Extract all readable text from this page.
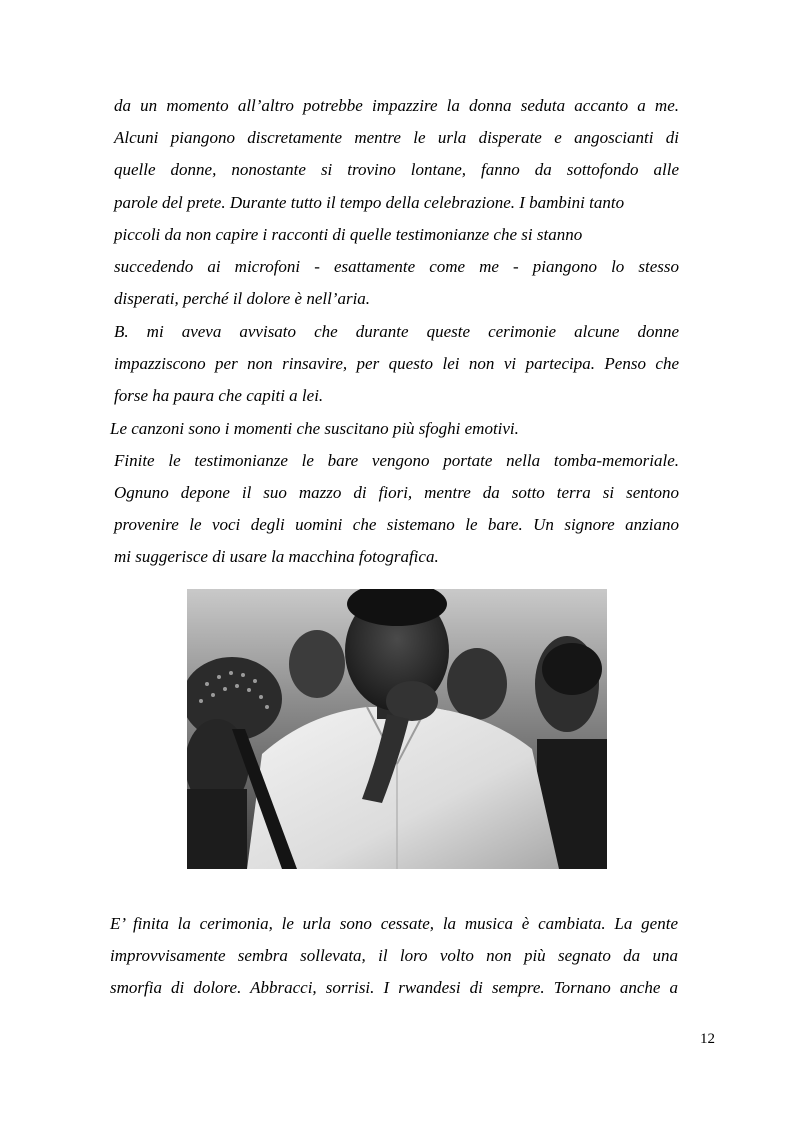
da un momento all’altro potrebbe impazzire la donna seduta accanto a me.
Alcuni piangono discretamente mentre le urla disperate e angoscianti di
quelle donne, nonostante si trovino lontane, fanno da sottofondo alle
parole del prete. Durante tutto il tempo della celebrazione. I bambini tanto
piccoli da non capire i racconti di quelle testimonianze che si stanno
succedendo ai microfoni - esattamente come me - piangono lo stesso
disperati, perché il dolore è nell’aria.
B. mi aveva avvisato che durante queste cerimonie alcune donne
impazziscono per non rinsavire, per questo lei non vi partecipa. Penso che
forse ha paura che capiti a lei.
Le canzoni sono i momenti che suscitano più sfoghi emotivi.
Finite le testimonianze le bare vengono portate nella tomba-memoriale.
Ognuno depone il suo mazzo di fiori, mentre da sotto terra si sentono
provenire le voci degli uomini che sistemano le bare. Un signore anziano
mi suggerisce di usare la macchina fotografica.
E’ finita la cerimonia, le urla sono cessate, la musica è cambiata. La gente
improvvisamente sembra sollevata, il loro volto non più segnato da una
smorfia di dolore. Abbracci, sorrisi. I rwandesi di sempre. Tornano anche a
12
